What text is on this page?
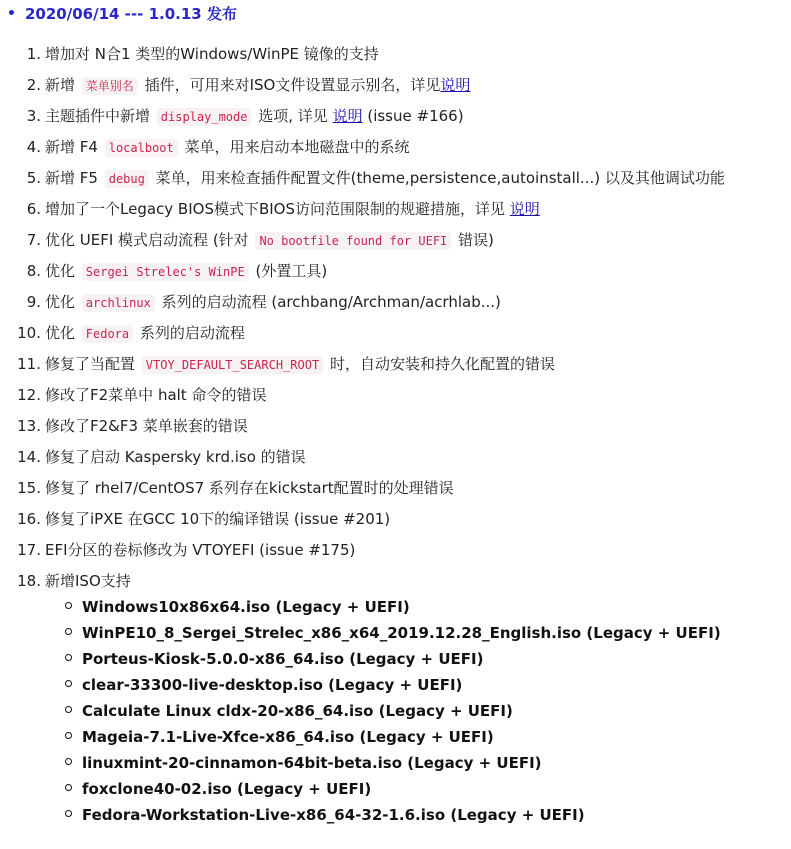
2020/06/14 --- 1.0.13 发布
1. 增加对 N合1 类型的Windows/WinPE 镜像的支持
2. 新增 菜单别名 插件，可用来对ISO文件设置显示别名，详见说明
3. 主题插件中新增 display_mode 选项, 详见 说明 (issue #166)
4. 新增 F4 localboot 菜单，用来启动本地磁盘中的系统
5. 新增 F5 debug 菜单，用来检查插件配置文件(theme,persistence,autoinstall...) 以及其他调试功能
6. 增加了一个Legacy BIOS模式下BIOS访问范围限制的规避措施，详见 说明
7. 优化 UEFI 模式启动流程 (针对 No bootfile found for UEFI 错误)
8. 优化 Sergei Strelec's WinPE (外置工具)
9. 优化 archlinux 系列的启动流程 (archbang/Archman/acrhlab...)
10. 优化 Fedora 系列的启动流程
11. 修复了当配置 VTOY_DEFAULT_SEARCH_ROOT 时，自动安装和持久化配置的错误
12. 修改了F2菜单中 halt 命令的错误
13. 修改了F2&F3 菜单嵌套的错误
14. 修复了启动 Kaspersky krd.iso 的错误
15. 修复了 rhel7/CentOS7 系列存在kickstart配置时的处理错误
16. 修复了iPXE 在GCC 10下的编译错误 (issue #201)
17. EFI分区的卷标修改为 VTOYEFI (issue #175)
18. 新增ISO支持
Windows10x86x64.iso (Legacy + UEFI)
WinPE10_8_Sergei_Strelec_x86_x64_2019.12.28_English.iso (Legacy + UEFI)
Porteus-Kiosk-5.0.0-x86_64.iso (Legacy + UEFI)
clear-33300-live-desktop.iso (Legacy + UEFI)
Calculate Linux cldx-20-x86_64.iso (Legacy + UEFI)
Mageia-7.1-Live-Xfce-x86_64.iso (Legacy + UEFI)
linuxmint-20-cinnamon-64bit-beta.iso (Legacy + UEFI)
foxclone40-02.iso (Legacy + UEFI)
Fedora-Workstation-Live-x86_64-32-1.6.iso (Legacy + UEFI)
